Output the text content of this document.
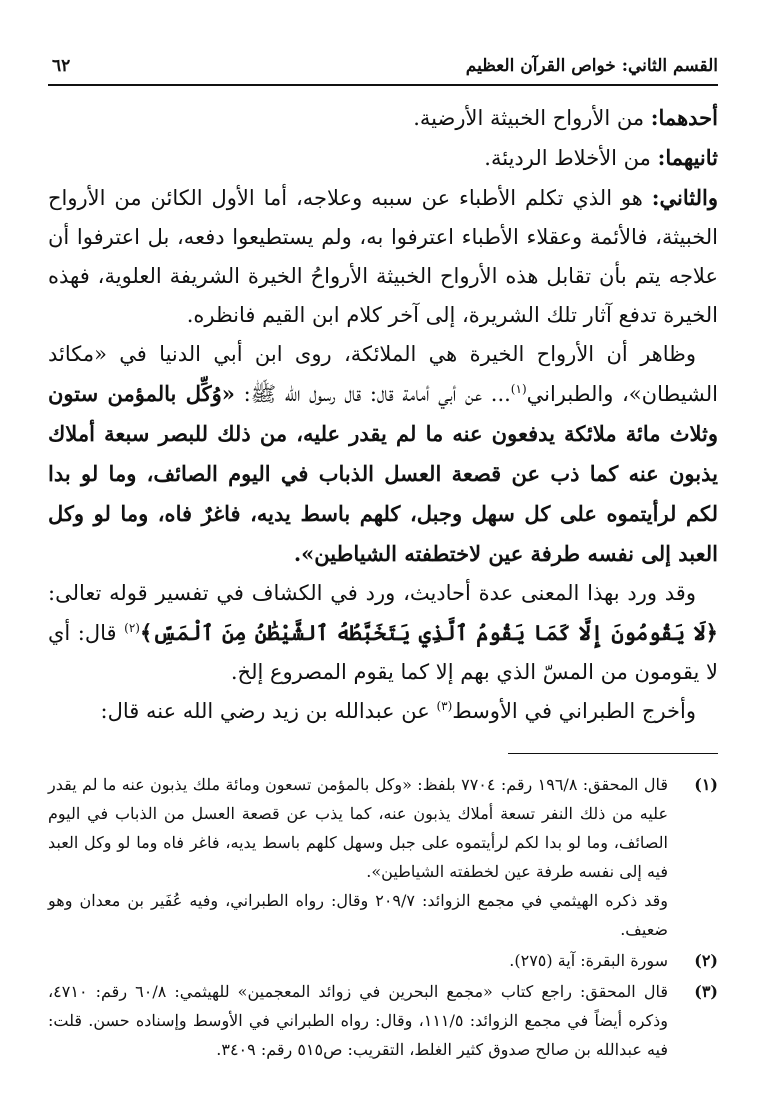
القسم الثاني: خواص القرآن العظيم
٦٢

أحدهما: من الأرواح الخبيثة الأرضية.

ثانيهما: من الأخلاط الرديئة.

والثاني: هو الذي تكلم الأطباء عن سببه وعلاجه، أما الأول الكائن من الأرواح الخبيثة، فالأئمة وعقلاء الأطباء اعترفوا به، ولم يستطيعوا دفعه، بل اعترفوا أن علاجه يتم بأن تقابل هذه الأرواح الخبيثة الأرواحُ الخيرة الشريفة العلوية، فهذه الخيرة تدفع آثار تلك الشريرة، إلى آخر كلام ابن القيم فانظره.

وظاهر أن الأرواح الخيرة هي الملائكة، روى ابن أبي الدنيا في «مكائد الشيطان»، والطبراني$^{(١)}$... عن أبي أمامة قال: قال رسول الله ﷺ: «وُكِّل بالمؤمن ستون وثلاث مائة ملائكة يدفعون عنه ما لم يقدر عليه، من ذلك للبصر سبعة أملاك يذبون عنه كما ذب عن قصعة العسل الذباب في اليوم الصائف، وما لو بدا لكم لرأيتموه على كل سهل وجبل، كلهم باسط يديه، فاغرٌ فاه، وما لو وكل العبد إلى نفسه طرفة عين لاختطفته الشياطين».

وقد ورد بهذا المعنى عدة أحاديث، ورد في الكشاف في تفسير قوله تعالى: ﴿لَا يَقُومُونَ إِلَّا كَمَا يَقُومُ ٱلَّذِي يَتَخَبَّطُهُ ٱلشَّيْطَٰنُ مِنَ ٱلْمَسِّ﴾$^{(٢)}$ قال: أي لا يقومون من المسّ الذي بهم إلا كما يقوم المصروع إلخ.

وأخرج الطبراني في الأوسط$^{(٣)}$ عن عبدالله بن زيد رضي الله عنه قال:

(١)

قال المحقق: ١٩٦/٨ رقم: ٧٧٠٤ بلفظ: «وكل بالمؤمن تسعون ومائة ملك يذبون عنه ما لم يقدر عليه من ذلك النفر تسعة أملاك يذبون عنه، كما يذب عن قصعة العسل من الذباب في اليوم الصائف، وما لو بدا لكم لرأيتموه على جبل وسهل كلهم باسط يديه، فاغر فاه وما لو وكل العبد فيه إلى نفسه طرفة عين لخطفته الشياطين».

وقد ذكره الهيثمي في مجمع الزوائد: ٢٠٩/٧ وقال: رواه الطبراني، وفيه عُفَير بن معدان وهو ضعيف.

(٢)

سورة البقرة: آية (٢٧٥).

(٣)

قال المحقق: راجع كتاب «مجمع البحرين في زوائد المعجمين» للهيثمي: ٦٠/٨ رقم: ٤٧١٠، وذكره أيضاً في مجمع الزوائد: ١١١/٥، وقال: رواه الطبراني في الأوسط وإسناده حسن. قلت: فيه عبدالله بن صالح صدوق كثير الغلط، التقريب: ص٥١٥ رقم: ٣٤٠٩.
